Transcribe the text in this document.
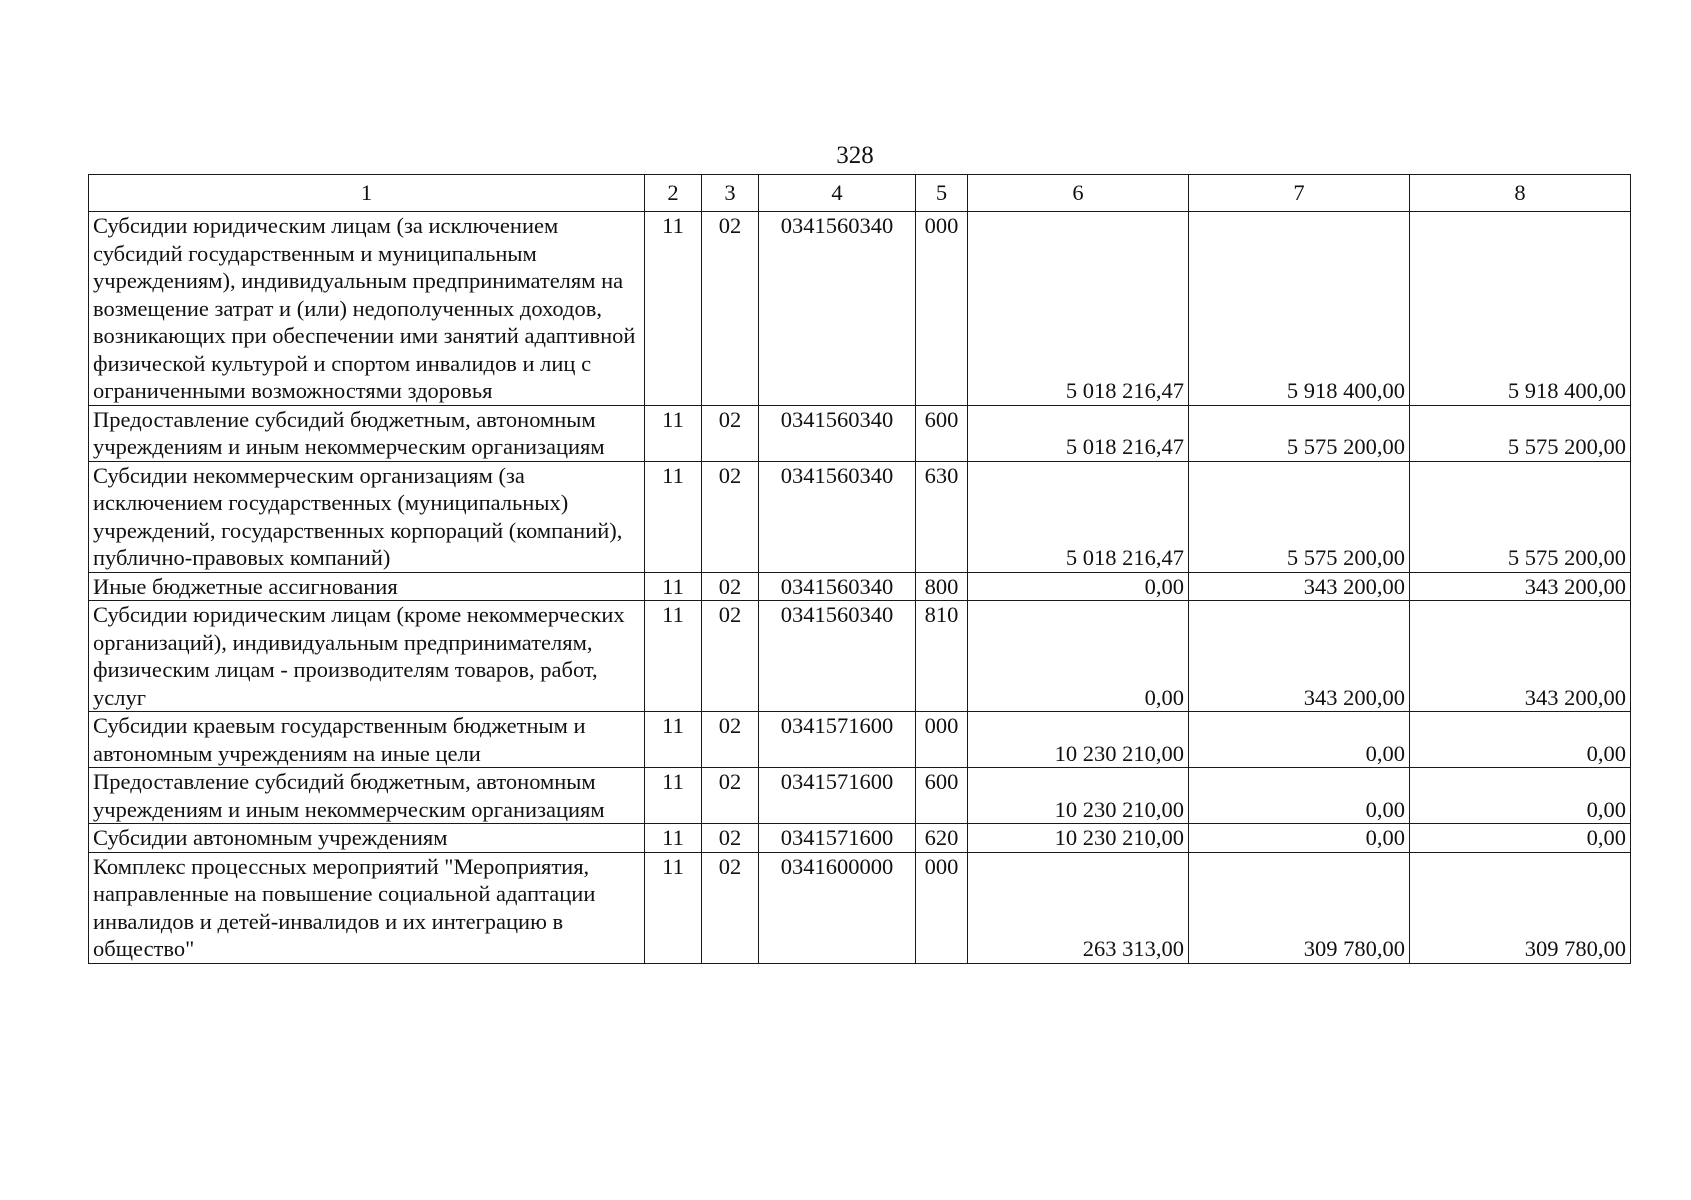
328
1	2	3	4	5	6	7	8
Субсидии юридическим лицам (за исключением субсидий государственным и муниципальным учреждениям), индивидуальным предпринимателям на возмещение затрат и (или) недополученных доходов, возникающих при обеспечении ими занятий адаптивной физической культурой и спортом инвалидов и лиц с ограниченными возможностями здоровья	11	02	0341560340	000	5 018 216,47	5 918 400,00	5 918 400,00
Предоставление субсидий бюджетным, автономным учреждениям и иным некоммерческим организациям	11	02	0341560340	600	5 018 216,47	5 575 200,00	5 575 200,00
Субсидии некоммерческим организациям (за исключением государственных (муниципальных) учреждений, государственных корпораций (компаний), публично-правовых компаний)	11	02	0341560340	630	5 018 216,47	5 575 200,00	5 575 200,00
Иные бюджетные ассигнования	11	02	0341560340	800	0,00	343 200,00	343 200,00
Субсидии юридическим лицам (кроме некоммерческих организаций), индивидуальным предпринимателям, физическим лицам - производителям товаров, работ, услуг	11	02	0341560340	810	0,00	343 200,00	343 200,00
Субсидии краевым государственным бюджетным и автономным учреждениям на иные цели	11	02	0341571600	000	10 230 210,00	0,00	0,00
Предоставление субсидий бюджетным, автономным учреждениям и иным некоммерческим организациям	11	02	0341571600	600	10 230 210,00	0,00	0,00
Субсидии автономным учреждениям	11	02	0341571600	620	10 230 210,00	0,00	0,00
Комплекс процессных мероприятий "Мероприятия, направленные на повышение социальной адаптации инвалидов и детей-инвалидов и их интеграцию в общество"	11	02	0341600000	000	263 313,00	309 780,00	309 780,00
